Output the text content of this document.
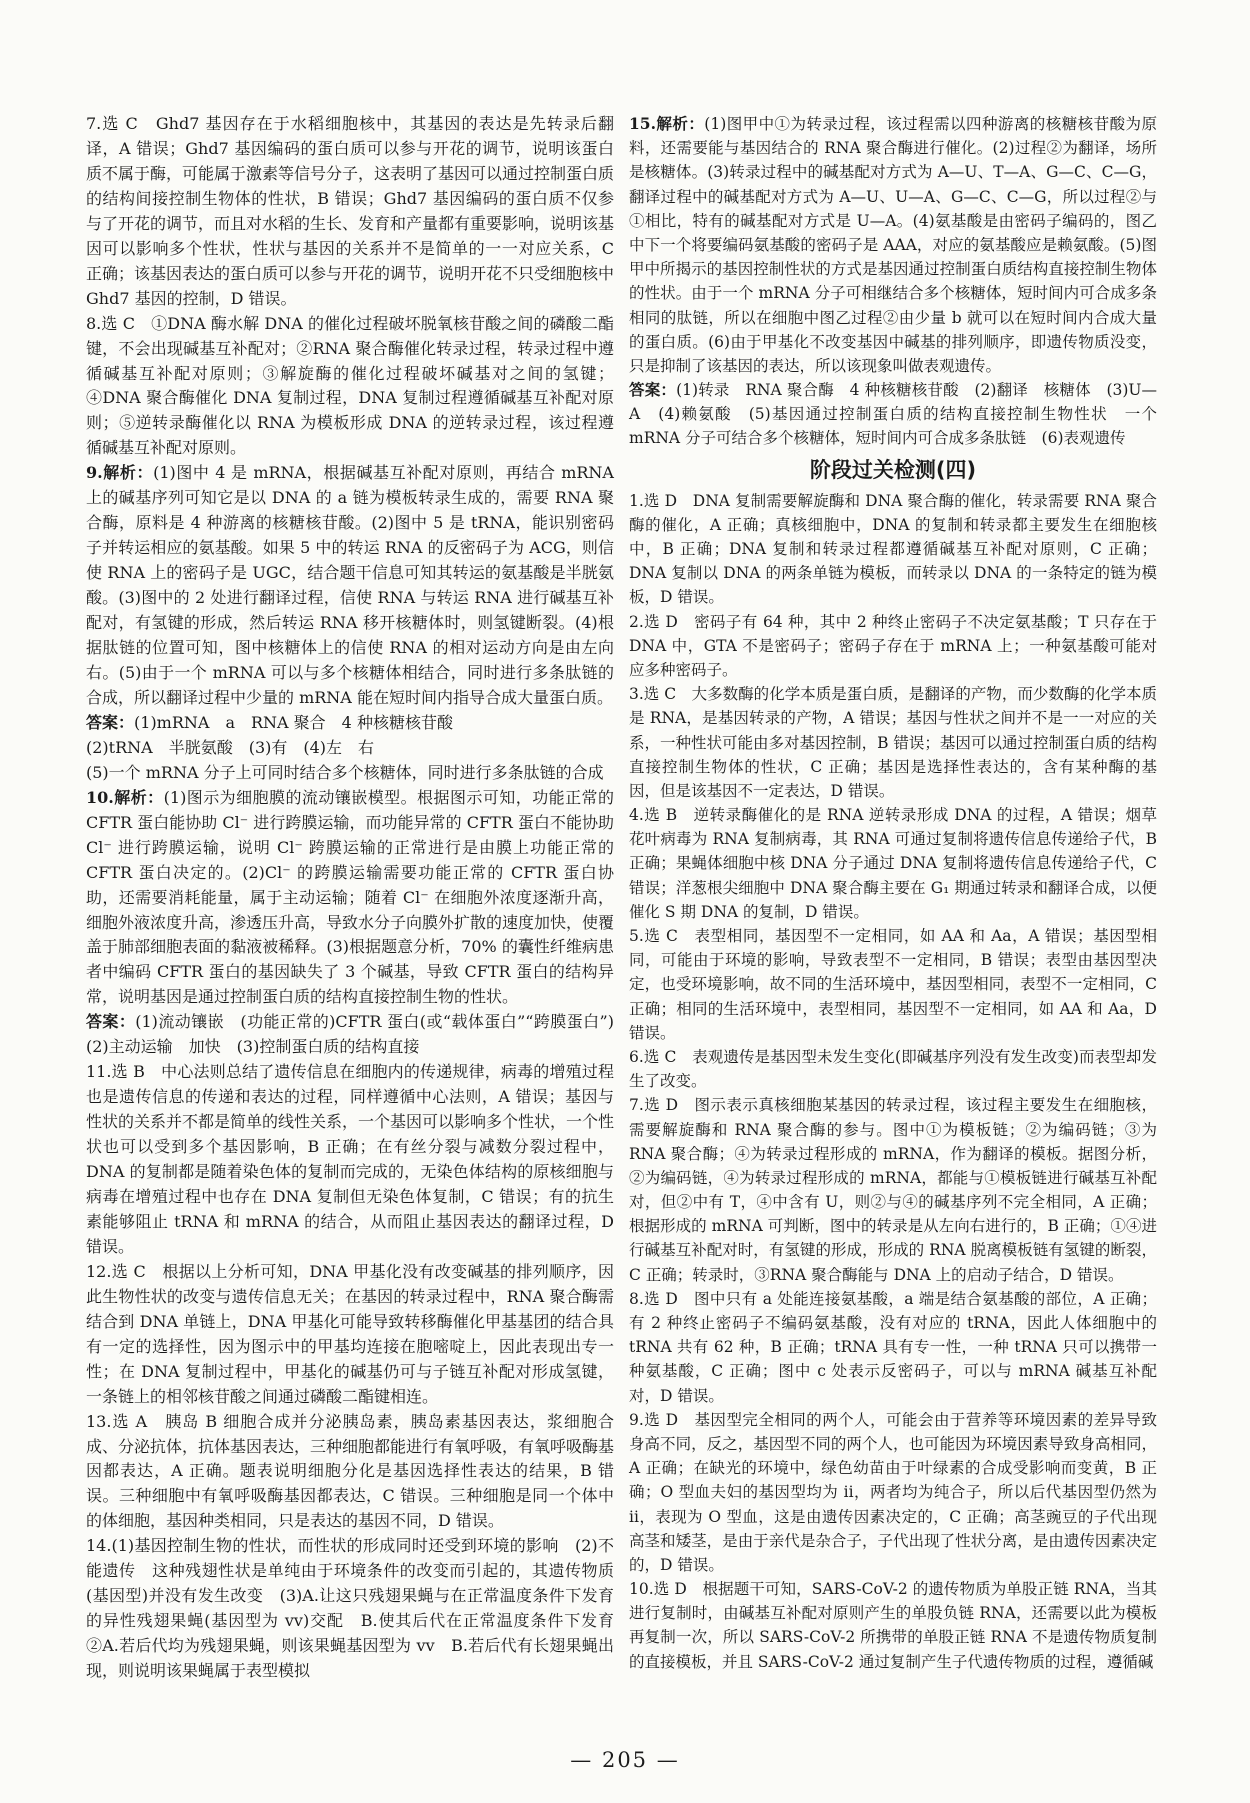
7.选 C　Ghd7 基因存在于水稻细胞核中，其基因的表达是先转录后翻译，A 错误；Ghd7 基因编码的蛋白质可以参与开花的调节，说明该蛋白质不属于酶，可能属于激素等信号分子，这表明了基因可以通过控制蛋白质的结构间接控制生物体的性状，B 错误；Ghd7 基因编码的蛋白质不仅参与了开花的调节，而且对水稻的生长、发育和产量都有重要影响，说明该基因可以影响多个性状，性状与基因的关系并不是简单的一一对应关系，C 正确；该基因表达的蛋白质可以参与开花的调节，说明开花不只受细胞核中 Ghd7 基因的控制，D 错误。

8.选 C　①DNA 酶水解 DNA 的催化过程破坏脱氧核苷酸之间的磷酸二酯键，不会出现碱基互补配对；②RNA 聚合酶催化转录过程，转录过程中遵循碱基互补配对原则；③解旋酶的催化过程破坏碱基对之间的氢键；④DNA 聚合酶催化 DNA 复制过程，DNA 复制过程遵循碱基互补配对原则；⑤逆转录酶催化以 RNA 为模板形成 DNA 的逆转录过程，该过程遵循碱基互补配对原则。

9.解析：(1)图中 4 是 mRNA，根据碱基互补配对原则，再结合 mRNA 上的碱基序列可知它是以 DNA 的 a 链为模板转录生成的，需要 RNA 聚合酶，原料是 4 种游离的核糖核苷酸。(2)图中 5 是 tRNA，能识别密码子并转运相应的氨基酸。如果 5 中的转运 RNA 的反密码子为 ACG，则信使 RNA 上的密码子是 UGC，结合题干信息可知其转运的氨基酸是半胱氨酸。(3)图中的 2 处进行翻译过程，信使 RNA 与转运 RNA 进行碱基互补配对，有氢键的形成，然后转运 RNA 移开核糖体时，则氢键断裂。(4)根据肽链的位置可知，图中核糖体上的信使 RNA 的相对运动方向是由左向右。(5)由于一个 mRNA 可以与多个核糖体相结合，同时进行多条肽链的合成，所以翻译过程中少量的 mRNA 能在短时间内指导合成大量蛋白质。

答案：(1)mRNA　a　RNA 聚合　4 种核糖核苷酸
(2)tRNA　半胱氨酸　(3)有　(4)左　右
(5)一个 mRNA 分子上可同时结合多个核糖体，同时进行多条肽链的合成

10.解析：(1)图示为细胞膜的流动镶嵌模型。根据图示可知，功能正常的 CFTR 蛋白能协助 Cl⁻ 进行跨膜运输，而功能异常的 CFTR 蛋白不能协助 Cl⁻ 进行跨膜运输，说明 Cl⁻ 跨膜运输的正常进行是由膜上功能正常的 CFTR 蛋白决定的。(2)Cl⁻ 的跨膜运输需要功能正常的 CFTR 蛋白协助，还需要消耗能量，属于主动运输；随着 Cl⁻ 在细胞外浓度逐渐升高，细胞外液浓度升高，渗透压升高，导致水分子向膜外扩散的速度加快，使覆盖于肺部细胞表面的黏液被稀释。(3)根据题意分析，70% 的囊性纤维病患者中编码 CFTR 蛋白的基因缺失了 3 个碱基，导致 CFTR 蛋白的结构异常，说明基因是通过控制蛋白质的结构直接控制生物的性状。

答案：(1)流动镶嵌　(功能正常的)CFTR 蛋白(或“载体蛋白”“跨膜蛋白”)　(2)主动运输　加快　(3)控制蛋白质的结构直接

11.选 B　中心法则总结了遗传信息在细胞内的传递规律，病毒的增殖过程也是遗传信息的传递和表达的过程，同样遵循中心法则，A 错误；基因与性状的关系并不都是简单的线性关系，一个基因可以影响多个性状，一个性状也可以受到多个基因影响，B 正确；在有丝分裂与减数分裂过程中，DNA 的复制都是随着染色体的复制而完成的，无染色体结构的原核细胞与病毒在增殖过程中也存在 DNA 复制但无染色体复制，C 错误；有的抗生素能够阻止 tRNA 和 mRNA 的结合，从而阻止基因表达的翻译过程，D 错误。

12.选 C　根据以上分析可知，DNA 甲基化没有改变碱基的排列顺序，因此生物性状的改变与遗传信息无关；在基因的转录过程中，RNA 聚合酶需结合到 DNA 单链上，DNA 甲基化可能导致转移酶催化甲基基团的结合具有一定的选择性，因为图示中的甲基均连接在胞嘧啶上，因此表现出专一性；在 DNA 复制过程中，甲基化的碱基仍可与子链互补配对形成氢键，一条链上的相邻核苷酸之间通过磷酸二酯键相连。

13.选 A　胰岛 B 细胞合成并分泌胰岛素，胰岛素基因表达，浆细胞合成、分泌抗体，抗体基因表达，三种细胞都能进行有氧呼吸，有氧呼吸酶基因都表达，A 正确。题表说明细胞分化是基因选择性表达的结果，B 错误。三种细胞中有氧呼吸酶基因都表达，C 错误。三种细胞是同一个体中的体细胞，基因种类相同，只是表达的基因不同，D 错误。

14.(1)基因控制生物的性状，而性状的形成同时还受到环境的影响　(2)不能遗传　这种残翅性状是单纯由于环境条件的改变而引起的，其遗传物质(基因型)并没有发生改变　(3)A.让这只残翅果蝇与在正常温度条件下发育的异性残翅果蝇(基因型为 vv)交配　B.使其后代在正常温度条件下发育　②A.若后代均为残翅果蝇，则该果蝇基因型为 vv　B.若后代有长翅果蝇出现，则说明该果蝇属于表型模拟

15.解析：(1)图甲中①为转录过程，该过程需以四种游离的核糖核苷酸为原料，还需要能与基因结合的 RNA 聚合酶进行催化。(2)过程②为翻译，场所是核糖体。(3)转录过程中的碱基配对方式为 A—U、T—A、G—C、C—G，翻译过程中的碱基配对方式为 A—U、U—A、G—C、C—G，所以过程②与①相比，特有的碱基配对方式是 U—A。(4)氨基酸是由密码子编码的，图乙中下一个将要编码氨基酸的密码子是 AAA，对应的氨基酸应是赖氨酸。(5)图甲中所揭示的基因控制性状的方式是基因通过控制蛋白质结构直接控制生物体的性状。由于一个 mRNA 分子可相继结合多个核糖体，短时间内可合成多条相同的肽链，所以在细胞中图乙过程②由少量 b 就可以在短时间内合成大量的蛋白质。(6)由于甲基化不改变基因中碱基的排列顺序，即遗传物质没变，只是抑制了该基因的表达，所以该现象叫做表观遗传。

答案：(1)转录　RNA 聚合酶　4 种核糖核苷酸　(2)翻译　核糖体　(3)U—A　(4)赖氨酸　(5)基因通过控制蛋白质的结构直接控制生物性状　一个 mRNA 分子可结合多个核糖体，短时间内可合成多条肽链　(6)表观遗传

阶段过关检测(四)

1.选 D　DNA 复制需要解旋酶和 DNA 聚合酶的催化，转录需要 RNA 聚合酶的催化，A 正确；真核细胞中，DNA 的复制和转录都主要发生在细胞核中，B 正确；DNA 复制和转录过程都遵循碱基互补配对原则，C 正确；DNA 复制以 DNA 的两条单链为模板，而转录以 DNA 的一条特定的链为模板，D 错误。

2.选 D　密码子有 64 种，其中 2 种终止密码子不决定氨基酸；T 只存在于 DNA 中，GTA 不是密码子；密码子存在于 mRNA 上；一种氨基酸可能对应多种密码子。

3.选 C　大多数酶的化学本质是蛋白质，是翻译的产物，而少数酶的化学本质是 RNA，是基因转录的产物，A 错误；基因与性状之间并不是一一对应的关系，一种性状可能由多对基因控制，B 错误；基因可以通过控制蛋白质的结构直接控制生物体的性状，C 正确；基因是选择性表达的，含有某种酶的基因，但是该基因不一定表达，D 错误。

4.选 B　逆转录酶催化的是 RNA 逆转录形成 DNA 的过程，A 错误；烟草花叶病毒为 RNA 复制病毒，其 RNA 可通过复制将遗传信息传递给子代，B 正确；果蝇体细胞中核 DNA 分子通过 DNA 复制将遗传信息传递给子代，C 错误；洋葱根尖细胞中 DNA 聚合酶主要在 G₁ 期通过转录和翻译合成，以便催化 S 期 DNA 的复制，D 错误。

5.选 C　表型相同，基因型不一定相同，如 AA 和 Aa，A 错误；基因型相同，可能由于环境的影响，导致表型不一定相同，B 错误；表型由基因型决定，也受环境影响，故不同的生活环境中，基因型相同，表型不一定相同，C 正确；相同的生活环境中，表型相同，基因型不一定相同，如 AA 和 Aa，D 错误。

6.选 C　表观遗传是基因型未发生变化(即碱基序列没有发生改变)而表型却发生了改变。

7.选 D　图示表示真核细胞某基因的转录过程，该过程主要发生在细胞核，需要解旋酶和 RNA 聚合酶的参与。图中①为模板链；②为编码链；③为 RNA 聚合酶；④为转录过程形成的 mRNA，作为翻译的模板。据图分析，②为编码链，④为转录过程形成的 mRNA，都能与①模板链进行碱基互补配对，但②中有 T，④中含有 U，则②与④的碱基序列不完全相同，A 正确；根据形成的 mRNA 可判断，图中的转录是从左向右进行的，B 正确；①④进行碱基互补配对时，有氢键的形成，形成的 RNA 脱离模板链有氢键的断裂，C 正确；转录时，③RNA 聚合酶能与 DNA 上的启动子结合，D 错误。

8.选 D　图中只有 a 处能连接氨基酸，a 端是结合氨基酸的部位，A 正确；有 2 种终止密码子不编码氨基酸，没有对应的 tRNA，因此人体细胞中的 tRNA 共有 62 种，B 正确；tRNA 具有专一性，一种 tRNA 只可以携带一种氨基酸，C 正确；图中 c 处表示反密码子，可以与 mRNA 碱基互补配对，D 错误。

9.选 D　基因型完全相同的两个人，可能会由于营养等环境因素的差异导致身高不同，反之，基因型不同的两个人，也可能因为环境因素导致身高相同，A 正确；在缺光的环境中，绿色幼苗由于叶绿素的合成受影响而变黄，B 正确；O 型血夫妇的基因型均为 ii，两者均为纯合子，所以后代基因型仍然为 ii，表现为 O 型血，这是由遗传因素决定的，C 正确；高茎豌豆的子代出现高茎和矮茎，是由于亲代是杂合子，子代出现了性状分离，是由遗传因素决定的，D 错误。

10.选 D　根据题干可知，SARS-CoV-2 的遗传物质为单股正链 RNA，当其进行复制时，由碱基互补配对原则产生的单股负链 RNA，还需要以此为模板再复制一次，所以 SARS-CoV-2 所携带的单股正链 RNA 不是遗传物质复制的直接模板，并且 SARS-CoV-2 通过复制产生子代遗传物质的过程，遵循碱

— 205 —
